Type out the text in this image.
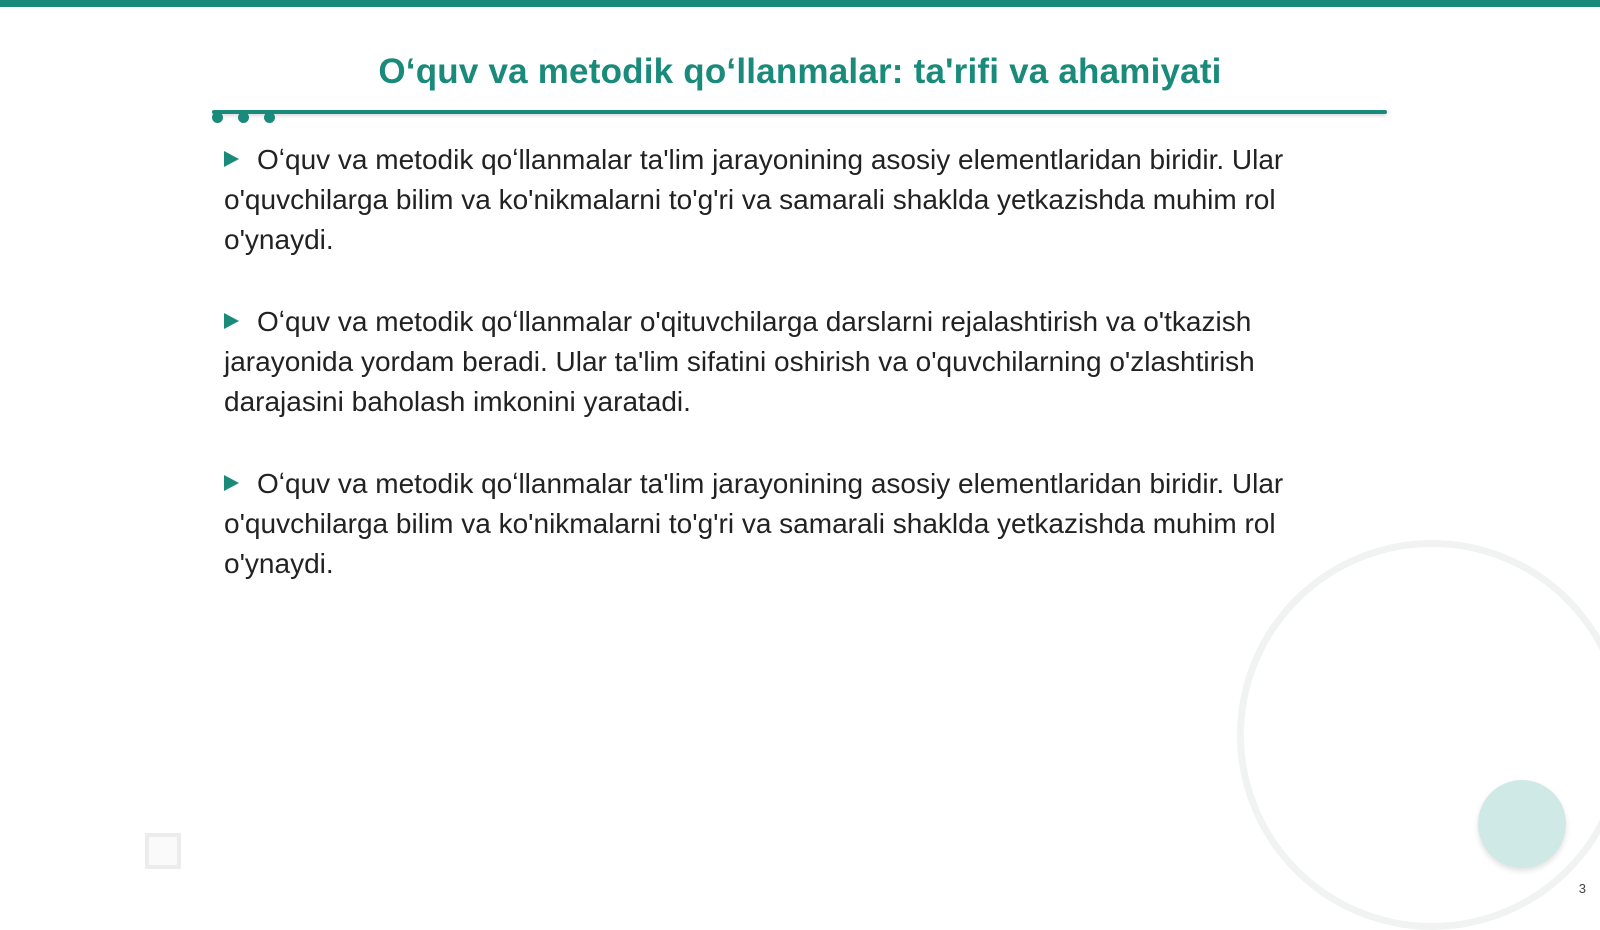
Oʻquv va metodik qoʻllanmalar: ta'rifi va ahamiyati

Oʻquv va metodik qoʻllanmalar ta'lim jarayonining asosiy elementlaridan biridir. Ular o'quvchilarga bilim va ko'nikmalarni to'g'ri va samarali shaklda yetkazishda muhim rol o'ynaydi.

Oʻquv va metodik qoʻllanmalar o'qituvchilarga darslarni rejalashtirish va o'tkazish jarayonida yordam beradi. Ular ta'lim sifatini oshirish va o'quvchilarning o'zlashtirish darajasini baholash imkonini yaratadi.

Oʻquv va metodik qoʻllanmalar ta'lim jarayonining asosiy elementlaridan biridir. Ular o'quvchilarga bilim va ko'nikmalarni to'g'ri va samarali shaklda yetkazishda muhim rol o'ynaydi.

3
